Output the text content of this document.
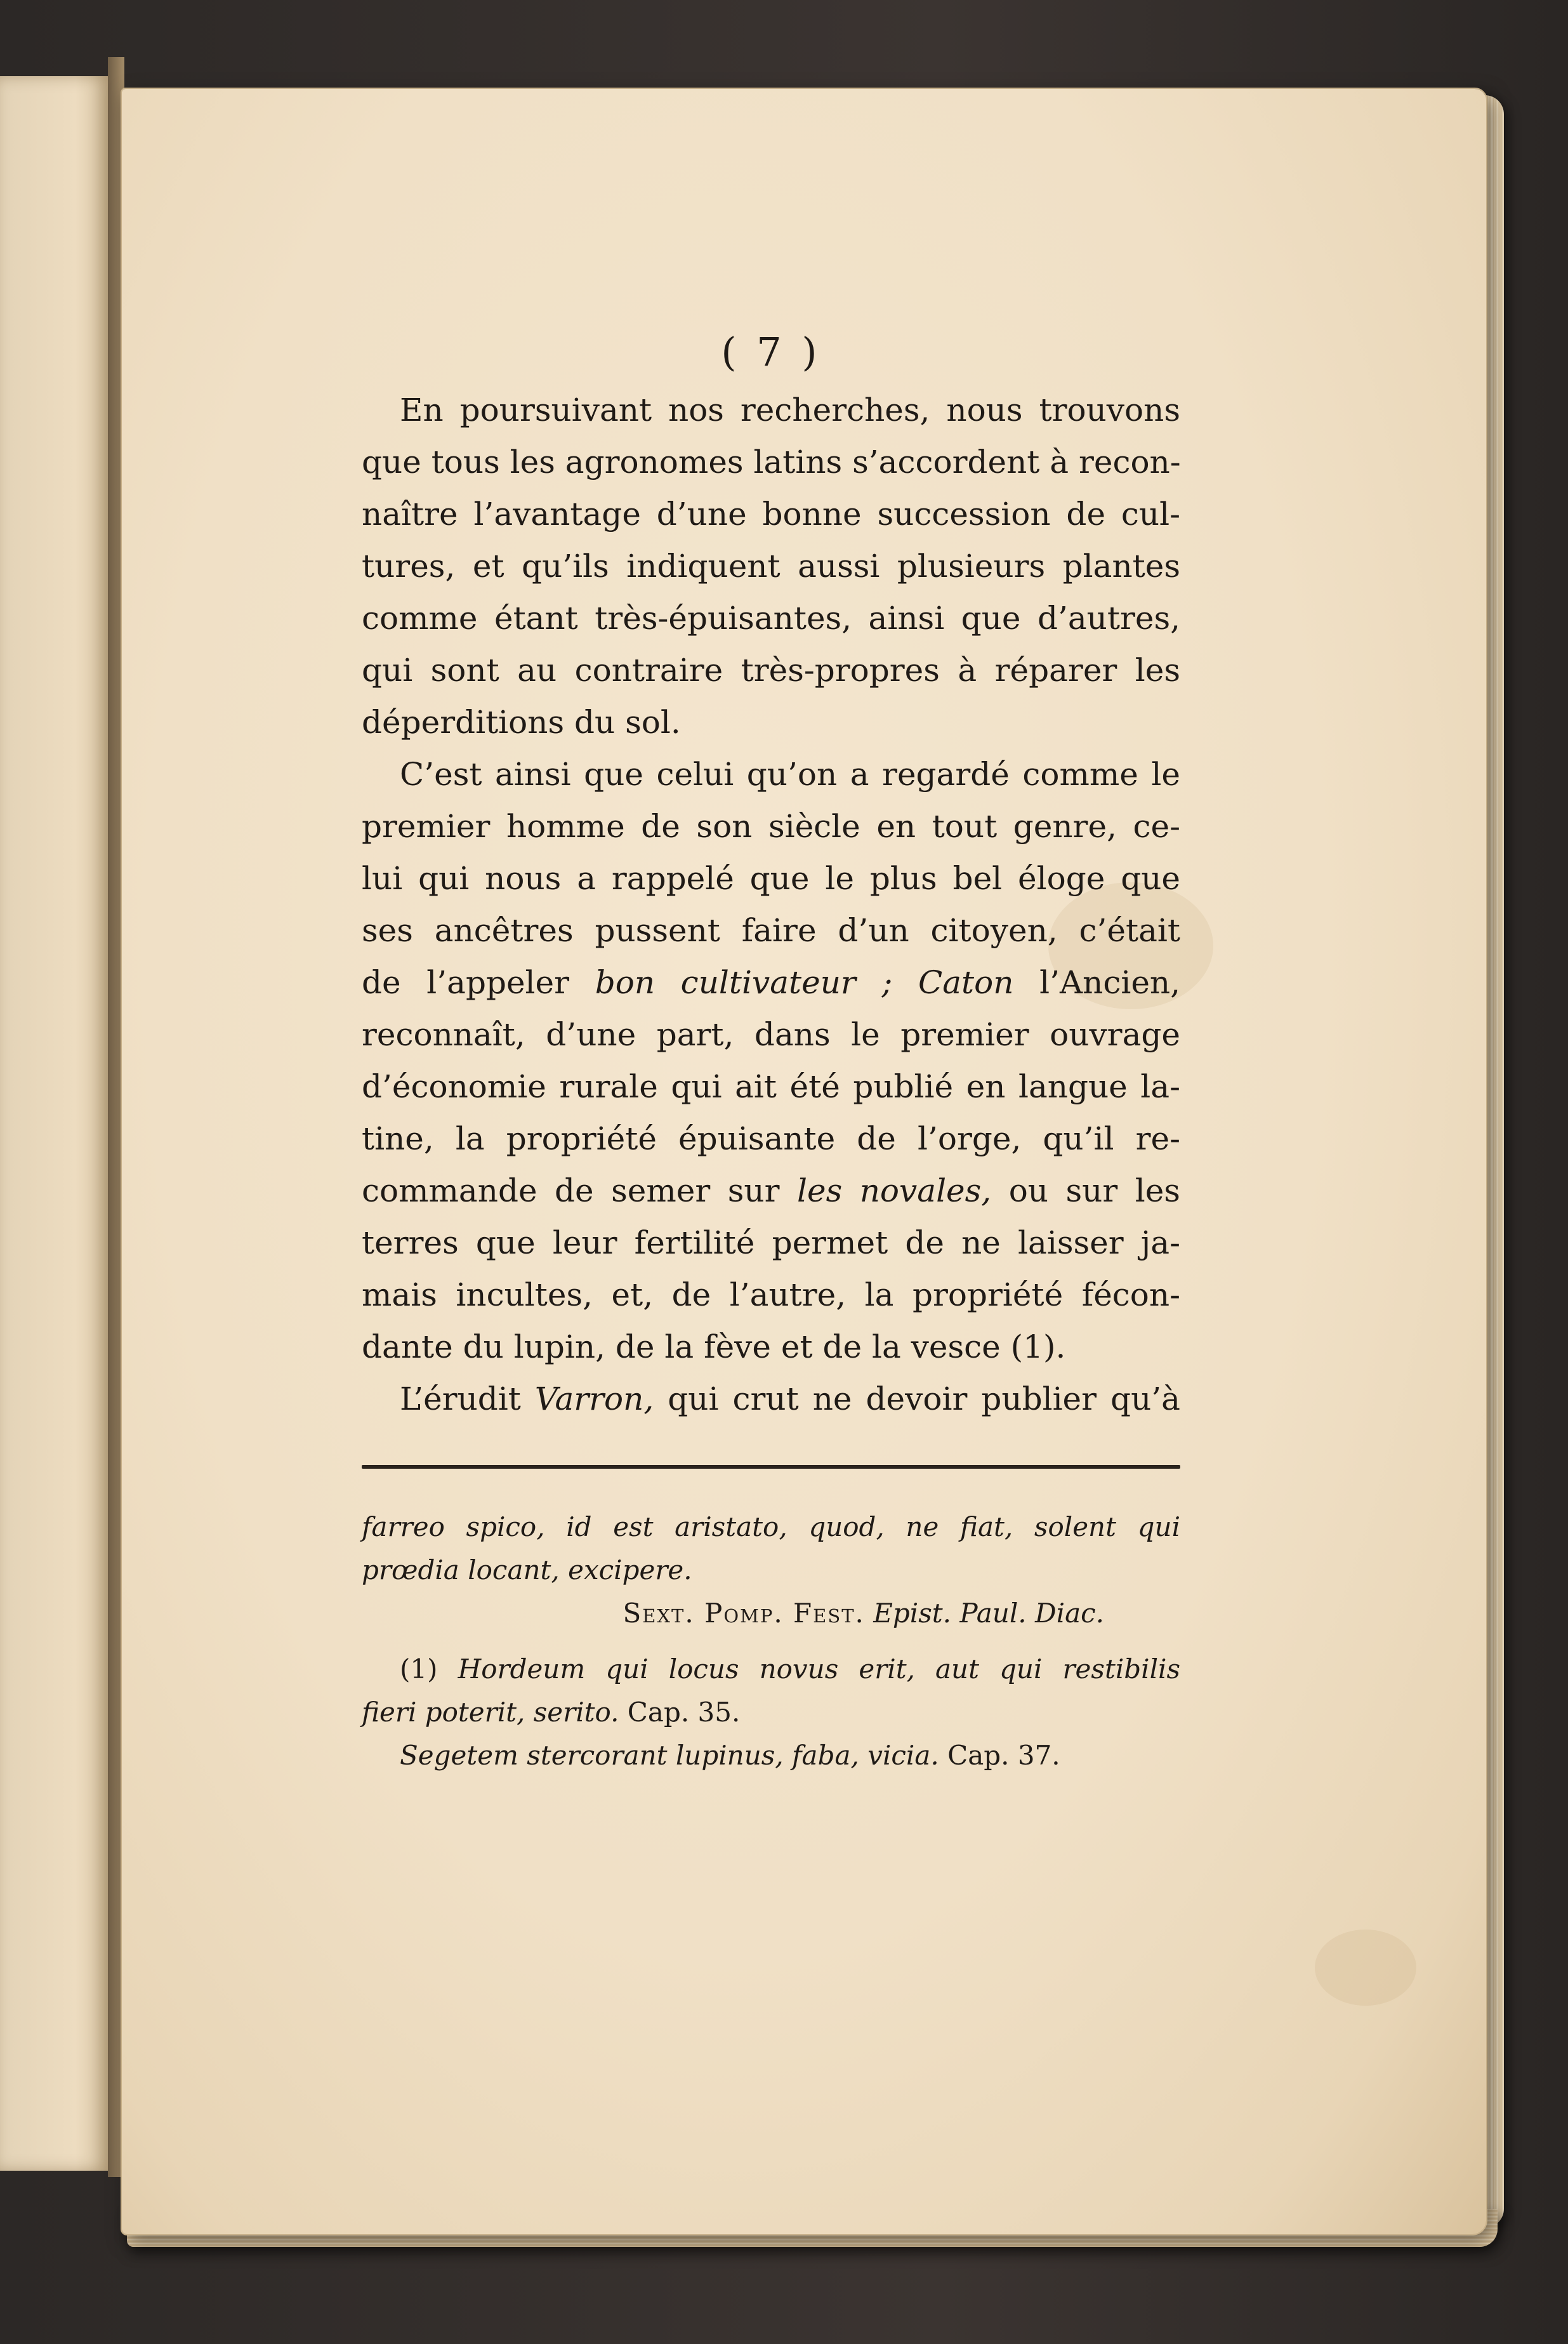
( 7 )
En poursuivant nos recherches, nous trouvons
que tous les agronomes latins s’accordent à recon-
naître l’avantage d’une bonne succession de cul-
tures, et qu’ils indiquent aussi plusieurs plantes
comme étant très-épuisantes, ainsi que d’autres,
qui sont au contraire très-propres à réparer les
déperditions du sol.
C’est ainsi que celui qu’on a regardé comme le
premier homme de son siècle en tout genre, ce-
lui qui nous a rappelé que le plus bel éloge que
ses ancêtres pussent faire d’un citoyen, c’était
de l’appeler bon cultivateur ; Caton l’Ancien,
reconnaît, d’une part, dans le premier ouvrage
d’économie rurale qui ait été publié en langue la-
tine, la propriété épuisante de l’orge, qu’il re-
commande de semer sur les novales, ou sur les
terres que leur fertilité permet de ne laisser ja-
mais incultes, et, de l’autre, la propriété fécon-
dante du lupin, de la fève et de la vesce (1).
L’érudit Varron, qui crut ne devoir publier qu’à
farreo spico, id est aristato, quod, ne fiat, solent qui
prœdia locant, excipere.
Sext. Pomp. Fest. Epist. Paul. Diac.
(1) Hordeum qui locus novus erit, aut qui restibilis
fieri poterit, serito. Cap. 35.
Segetem stercorant lupinus, faba, vicia. Cap. 37.
